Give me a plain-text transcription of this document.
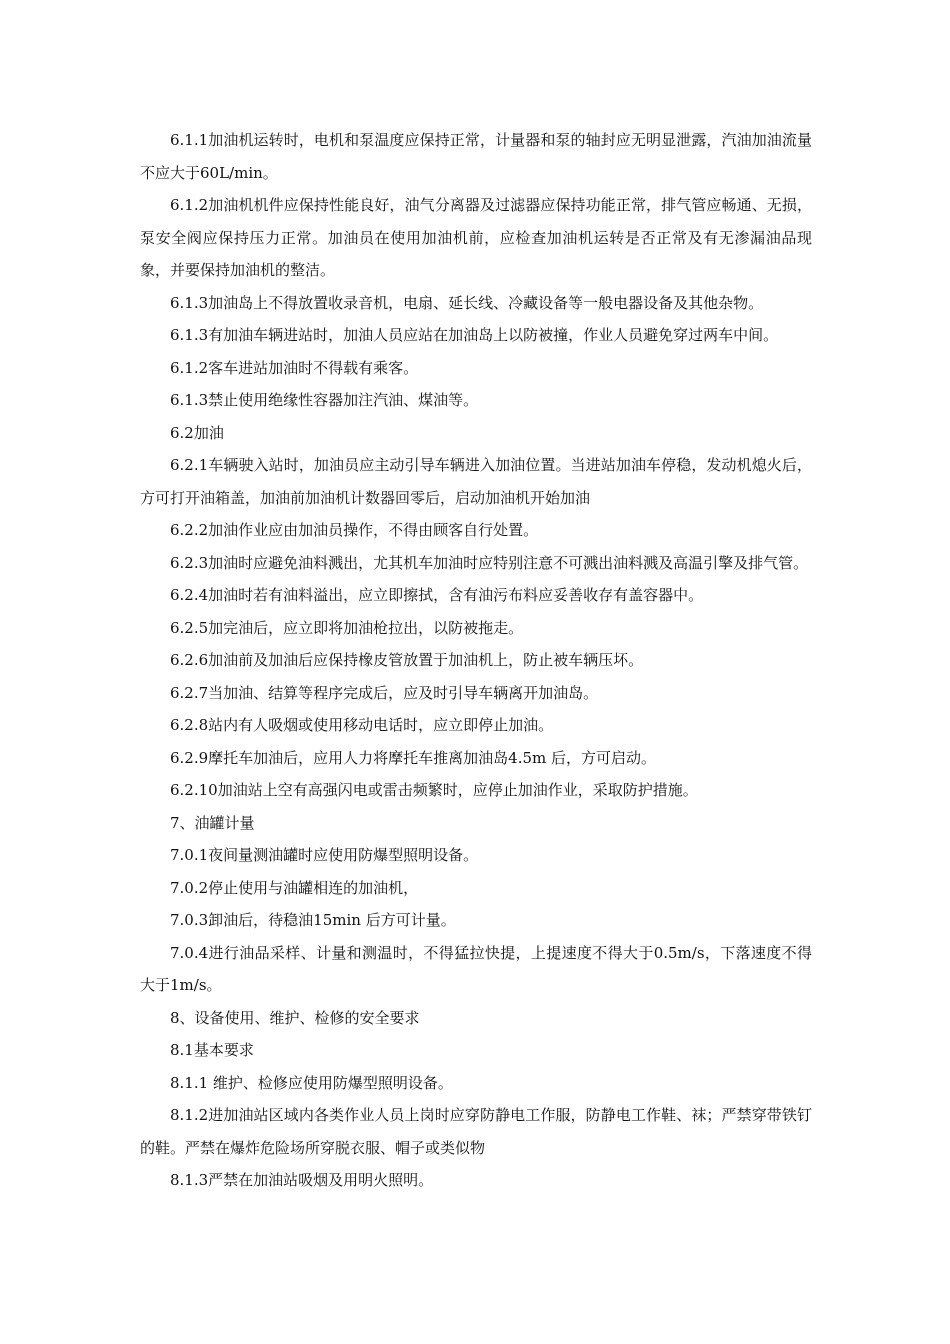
6.1.1加油机运转时，电机和泵温度应保持正常，计量器和泵的轴封应无明显泄露，汽油加油流量不应大于60L/min。

6.1.2加油机机件应保持性能良好，油气分离器及过滤器应保持功能正常，排气管应畅通、无损，泵安全阀应保持压力正常。加油员在使用加油机前，应检查加油机运转是否正常及有无渗漏油品现象，并要保持加油机的整洁。

6.1.3加油岛上不得放置收录音机，电扇、延长线、冷藏设备等一般电器设备及其他杂物。

6.1.3有加油车辆进站时，加油人员应站在加油岛上以防被撞，作业人员避免穿过两车中间。

6.1.2客车进站加油时不得载有乘客。

6.1.3禁止使用绝缘性容器加注汽油、煤油等。

6.2加油

6.2.1车辆驶入站时，加油员应主动引导车辆进入加油位置。当进站加油车停稳，发动机熄火后，方可打开油箱盖，加油前加油机计数器回零后，启动加油机开始加油

6.2.2加油作业应由加油员操作，不得由顾客自行处置。

6.2.3加油时应避免油料溅出，尤其机车加油时应特别注意不可溅出油料溅及高温引擎及排气管。

6.2.4加油时若有油料溢出，应立即擦拭，含有油污布料应妥善收存有盖容器中。

6.2.5加完油后，应立即将加油枪拉出，以防被拖走。

6.2.6加油前及加油后应保持橡皮管放置于加油机上，防止被车辆压坏。

6.2.7当加油、结算等程序完成后，应及时引导车辆离开加油岛。

6.2.8站内有人吸烟或使用移动电话时，应立即停止加油。

6.2.9摩托车加油后，应用人力将摩托车推离加油岛4.5m 后，方可启动。

6.2.10加油站上空有高强闪电或雷击频繁时，应停止加油作业，采取防护措施。

7、油罐计量

7.0.1夜间量测油罐时应使用防爆型照明设备。

7.0.2停止使用与油罐相连的加油机，

7.0.3卸油后，待稳油15min 后方可计量。

7.0.4进行油品采样、计量和测温时，不得猛拉快提，上提速度不得大于0.5m/s，下落速度不得大于1m/s。

8、设备使用、维护、检修的安全要求

8.1基本要求

8.1.1 维护、检修应使用防爆型照明设备。

8.1.2进加油站区域内各类作业人员上岗时应穿防静电工作服，防静电工作鞋、袜；严禁穿带铁钉的鞋。严禁在爆炸危险场所穿脱衣服、帽子或类似物

8.1.3严禁在加油站吸烟及用明火照明。
